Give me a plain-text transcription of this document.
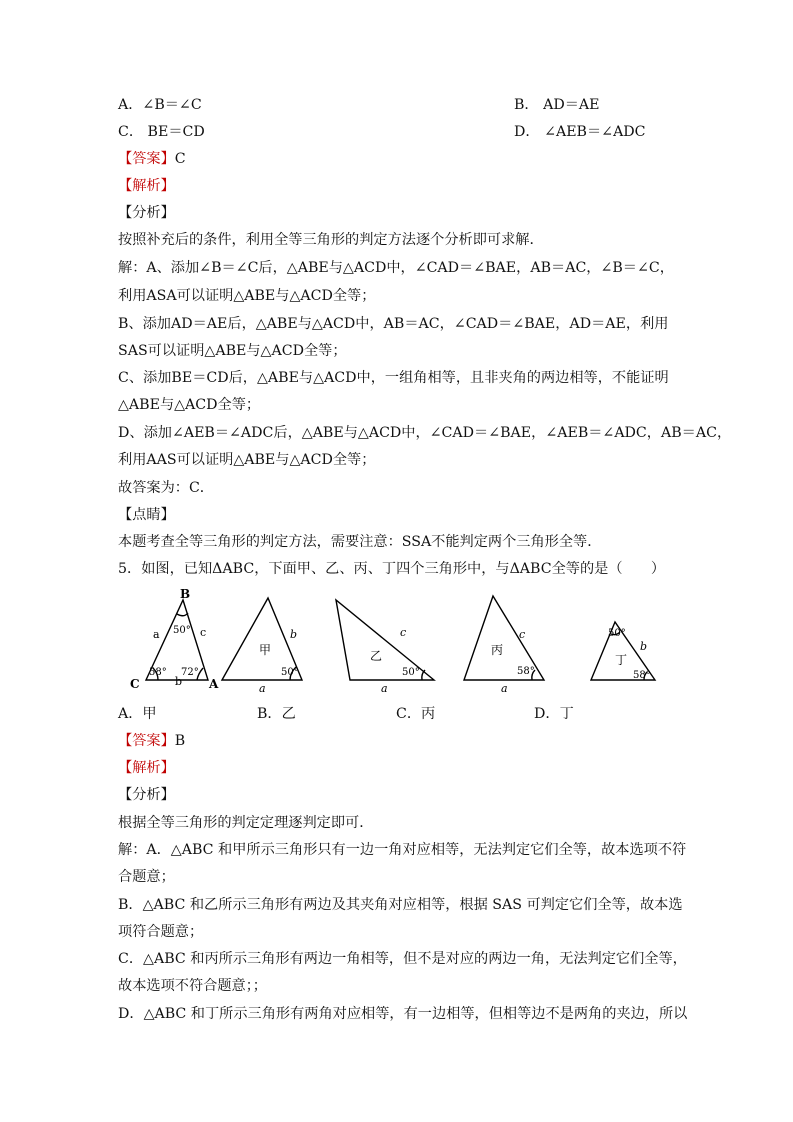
A．∠B＝∠C	B． AD＝AE
C． BE＝CD	D． ∠AEB＝∠ADC
【答案】C
【解析】
【分析】
按照补充后的条件，利用全等三角形的判定方法逐个分析即可求解．
解：A、添加∠B＝∠C后，△ABE与△ACD中，∠CAD＝∠BAE，AB＝AC，∠B＝∠C，
利用ASA可以证明△ABE与△ACD全等；
B、添加AD＝AE后，△ABE与△ACD中，AB＝AC，∠CAD＝∠BAE，AD＝AE，利用
SAS可以证明△ABE与△ACD全等；
C、添加BE＝CD后，△ABE与△ACD中，一组角相等，且非夹角的两边相等，不能证明
△ABE与△ACD全等；
D、添加∠AEB＝∠ADC后，△ABE与△ACD中，∠CAD＝∠BAE，∠AEB＝∠ADC，AB＝AC，
利用AAS可以证明△ABE与△ACD全等；
故答案为：C．
【点睛】
本题考查全等三角形的判定方法，需要注意：SSA不能判定两个三角形全等．
5．如图，已知ΔABC，下面甲、乙、丙、丁四个三角形中，与ΔABC全等的是（　　）
B
C	A
a	c
b
50°
58° 72°
甲
b
a
50°
乙
c
a
50°
丙
c
a
58°
丁
b
50°
58°
A．甲	B．乙	C．丙	D．丁
【答案】B
【解析】
【分析】
根据全等三角形的判定定理逐判定即可．
解：A．△ABC 和甲所示三角形只有一边一角对应相等，无法判定它们全等，故本选项不符
合题意；
B．△ABC 和乙所示三角形有两边及其夹角对应相等，根据 SAS 可判定它们全等，故本选
项符合题意；
C．△ABC 和丙所示三角形有两边一角相等，但不是对应的两边一角，无法判定它们全等，
故本选项不符合题意；；
D．△ABC 和丁所示三角形有两角对应相等，有一边相等，但相等边不是两角的夹边，所以
